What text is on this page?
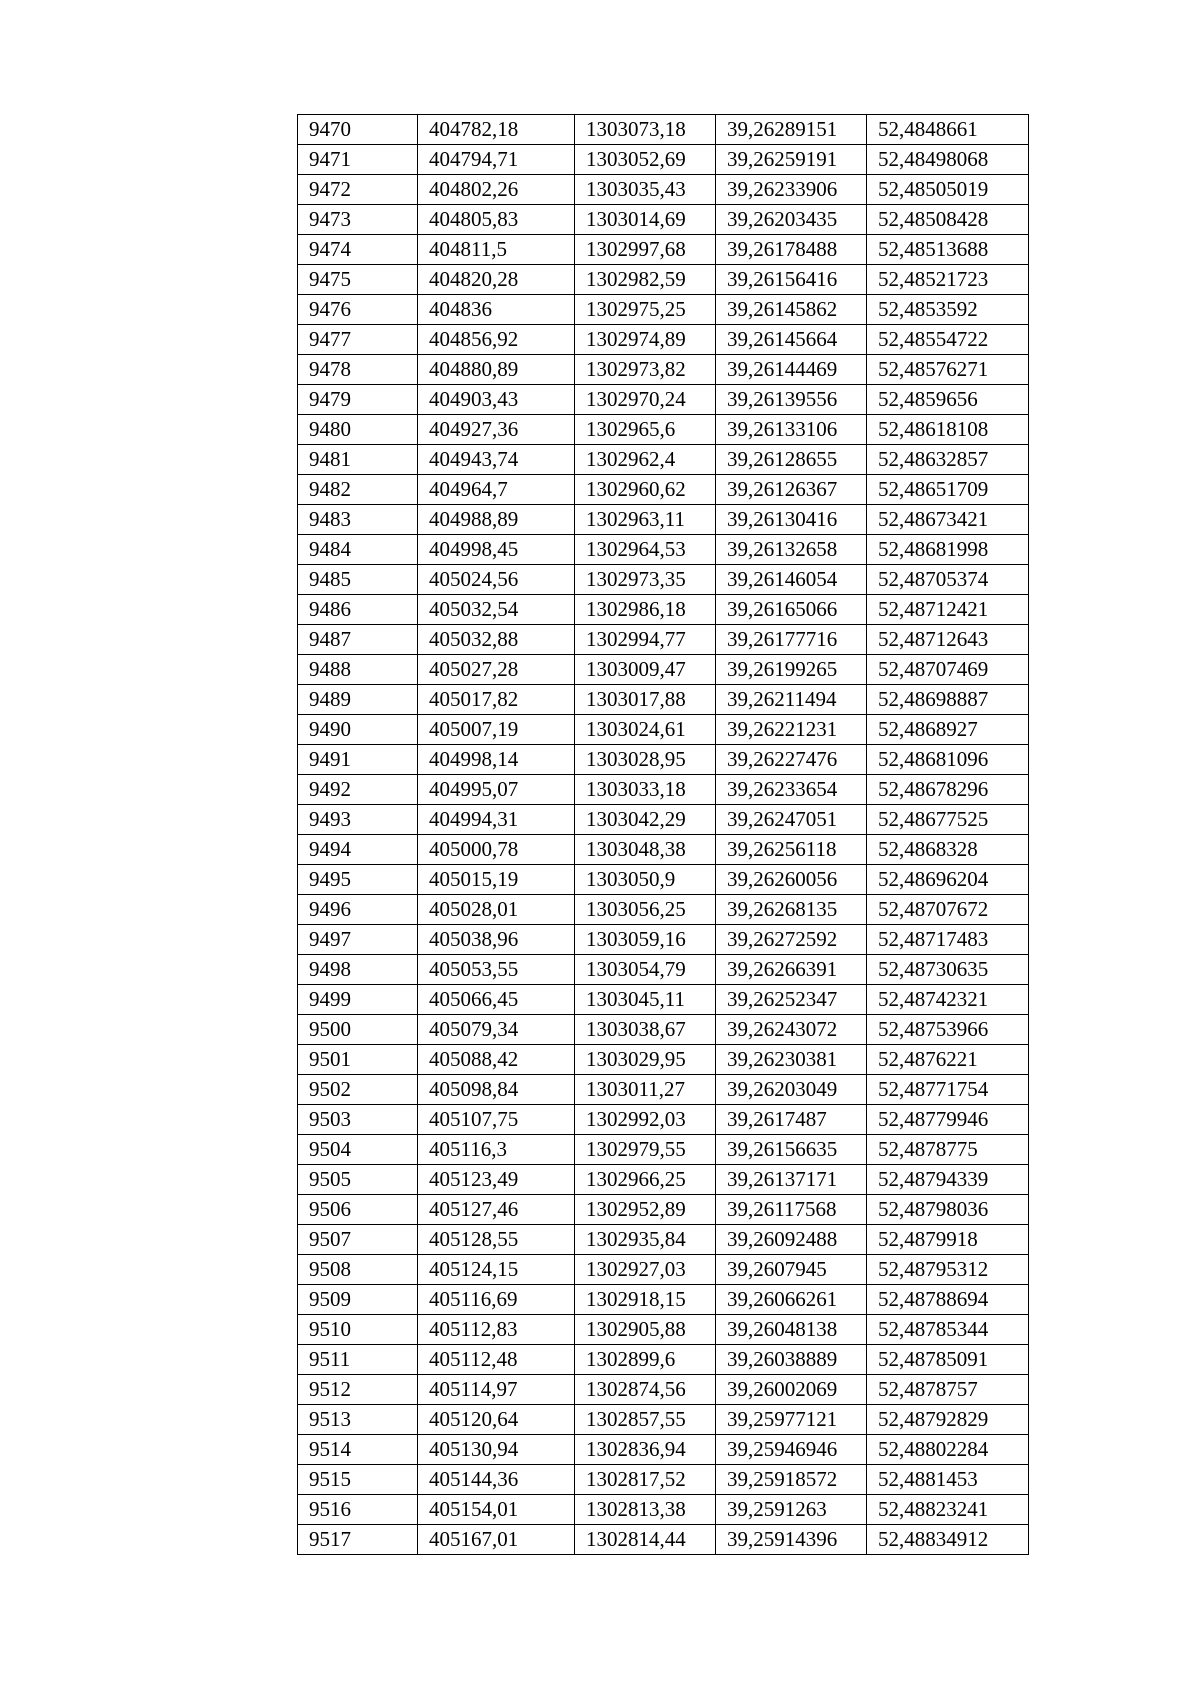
9470	404782,18	1303073,18	39,26289151	52,4848661
9471	404794,71	1303052,69	39,26259191	52,48498068
9472	404802,26	1303035,43	39,26233906	52,48505019
9473	404805,83	1303014,69	39,26203435	52,48508428
9474	404811,5	1302997,68	39,26178488	52,48513688
9475	404820,28	1302982,59	39,26156416	52,48521723
9476	404836	1302975,25	39,26145862	52,4853592
9477	404856,92	1302974,89	39,26145664	52,48554722
9478	404880,89	1302973,82	39,26144469	52,48576271
9479	404903,43	1302970,24	39,26139556	52,4859656
9480	404927,36	1302965,6	39,26133106	52,48618108
9481	404943,74	1302962,4	39,26128655	52,48632857
9482	404964,7	1302960,62	39,26126367	52,48651709
9483	404988,89	1302963,11	39,26130416	52,48673421
9484	404998,45	1302964,53	39,26132658	52,48681998
9485	405024,56	1302973,35	39,26146054	52,48705374
9486	405032,54	1302986,18	39,26165066	52,48712421
9487	405032,88	1302994,77	39,26177716	52,48712643
9488	405027,28	1303009,47	39,26199265	52,48707469
9489	405017,82	1303017,88	39,26211494	52,48698887
9490	405007,19	1303024,61	39,26221231	52,4868927
9491	404998,14	1303028,95	39,26227476	52,48681096
9492	404995,07	1303033,18	39,26233654	52,48678296
9493	404994,31	1303042,29	39,26247051	52,48677525
9494	405000,78	1303048,38	39,26256118	52,4868328
9495	405015,19	1303050,9	39,26260056	52,48696204
9496	405028,01	1303056,25	39,26268135	52,48707672
9497	405038,96	1303059,16	39,26272592	52,48717483
9498	405053,55	1303054,79	39,26266391	52,48730635
9499	405066,45	1303045,11	39,26252347	52,48742321
9500	405079,34	1303038,67	39,26243072	52,48753966
9501	405088,42	1303029,95	39,26230381	52,4876221
9502	405098,84	1303011,27	39,26203049	52,48771754
9503	405107,75	1302992,03	39,2617487	52,48779946
9504	405116,3	1302979,55	39,26156635	52,4878775
9505	405123,49	1302966,25	39,26137171	52,48794339
9506	405127,46	1302952,89	39,26117568	52,48798036
9507	405128,55	1302935,84	39,26092488	52,4879918
9508	405124,15	1302927,03	39,2607945	52,48795312
9509	405116,69	1302918,15	39,26066261	52,48788694
9510	405112,83	1302905,88	39,26048138	52,48785344
9511	405112,48	1302899,6	39,26038889	52,48785091
9512	405114,97	1302874,56	39,26002069	52,4878757
9513	405120,64	1302857,55	39,25977121	52,48792829
9514	405130,94	1302836,94	39,25946946	52,48802284
9515	405144,36	1302817,52	39,25918572	52,4881453
9516	405154,01	1302813,38	39,2591263	52,48823241
9517	405167,01	1302814,44	39,25914396	52,48834912
